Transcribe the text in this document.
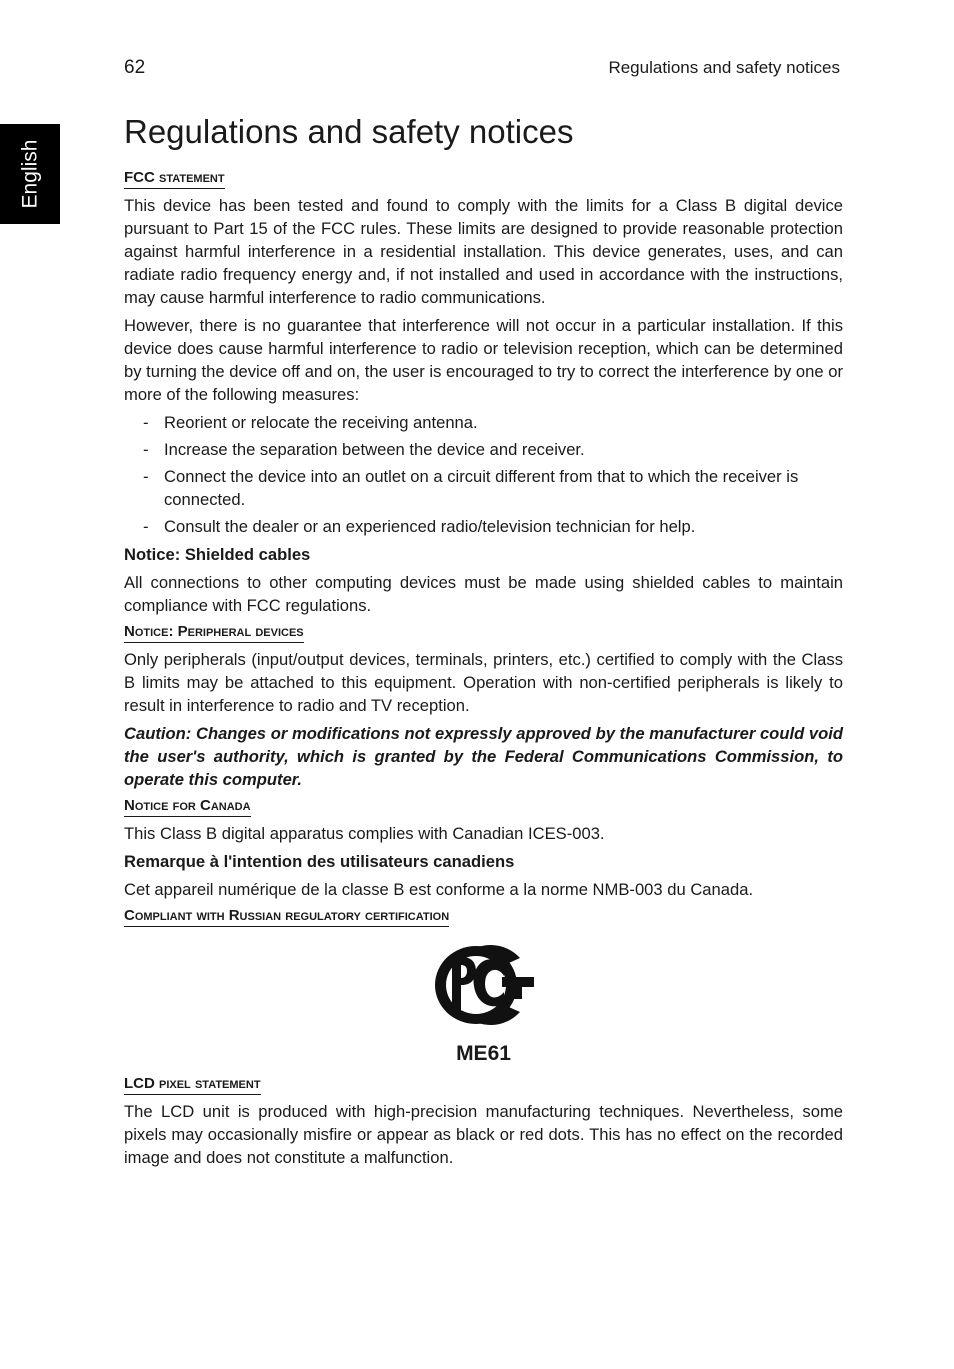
62	Regulations and safety notices
English
Regulations and safety notices
FCC statement

This device has been tested and found to comply with the limits for a Class B digital device pursuant to Part 15 of the FCC rules. These limits are designed to provide reasonable protection against harmful interference in a residential installation. This device generates, uses, and can radiate radio frequency energy and, if not installed and used in accordance with the instructions, may cause harmful interference to radio communications.

However, there is no guarantee that interference will not occur in a particular installation. If this device does cause harmful interference to radio or television reception, which can be determined by turning the device off and on, the user is encouraged to try to correct the interference by one or more of the following measures:

- Reorient or relocate the receiving antenna.
- Increase the separation between the device and receiver.
- Connect the device into an outlet on a circuit different from that to which the receiver is connected.
- Consult the dealer or an experienced radio/television technician for help.
Notice: Shielded cables

All connections to other computing devices must be made using shielded cables to maintain compliance with FCC regulations.

Notice: Peripheral devices

Only peripherals (input/output devices, terminals, printers, etc.) certified to comply with the Class B limits may be attached to this equipment. Operation with non-certified peripherals is likely to result in interference to radio and TV reception.

Caution: Changes or modifications not expressly approved by the manufacturer could void the user's authority, which is granted by the Federal Communications Commission, to operate this computer.

Notice for Canada

This Class B digital apparatus complies with Canadian ICES-003.

Remarque à l'intention des utilisateurs canadiens

Cet appareil numérique de la classe B est conforme a la norme NMB-003 du Canada.

Compliant with Russian regulatory certification
ME61
LCD pixel statement

The LCD unit is produced with high-precision manufacturing techniques. Nevertheless, some pixels may occasionally misfire or appear as black or red dots. This has no effect on the recorded image and does not constitute a malfunction.
